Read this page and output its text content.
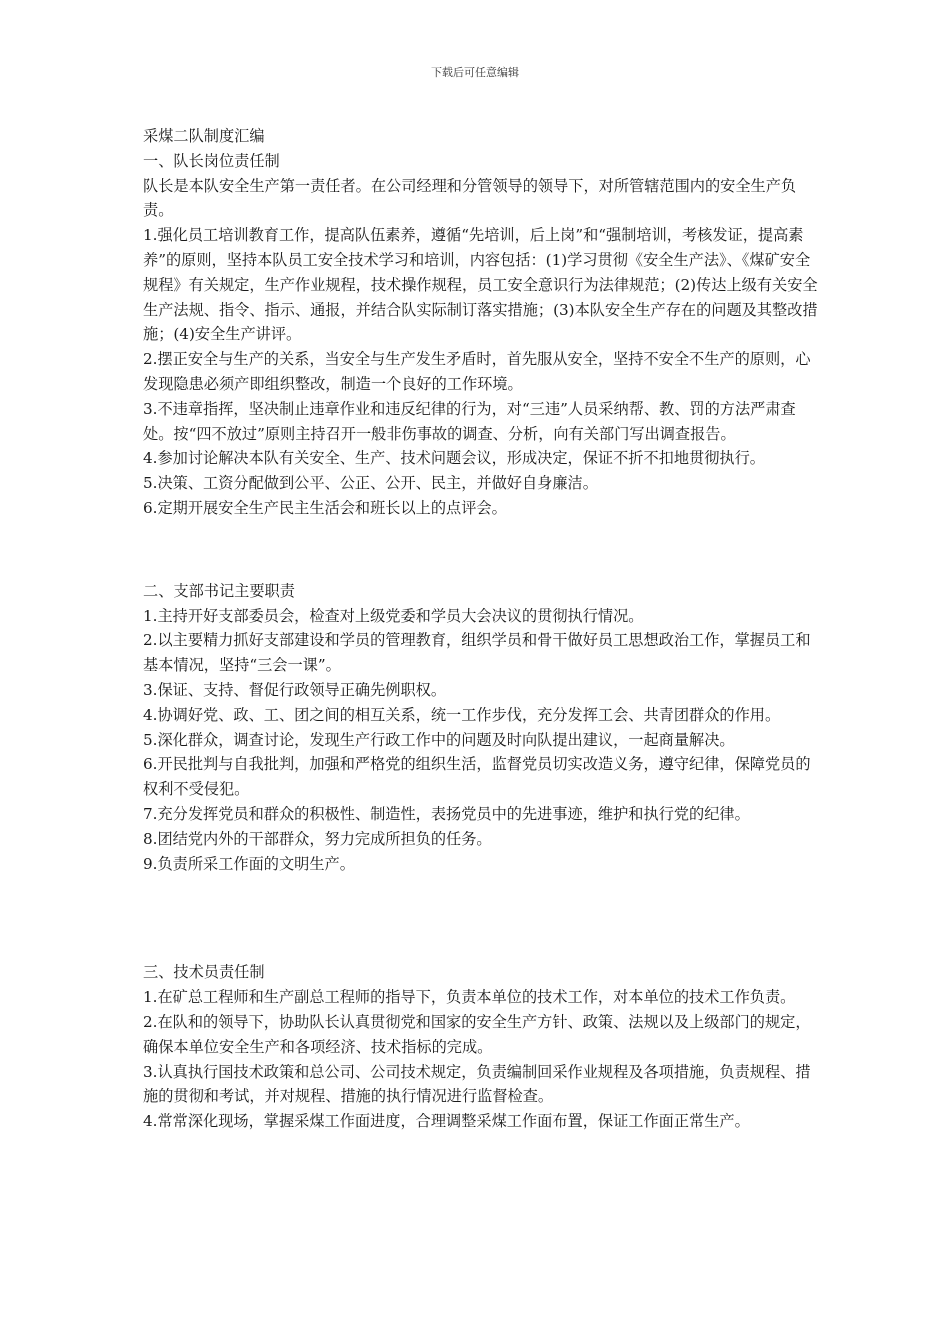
下载后可任意编辑

采煤二队制度汇编

一、队长岗位责任制

队长是本队安全生产第一责任者。在公司经理和分管领导的领导下，对所管辖范围内的安全生产负责。

1.强化员工培训教育工作，提高队伍素养，遵循“先培训，后上岗”和“强制培训，考核发证，提高素养”的原则，坚持本队员工安全技术学习和培训，内容包括：(1)学习贯彻《安全生产法》、《煤矿安全规程》有关规定，生产作业规程，技术操作规程，员工安全意识行为法律规范；(2)传达上级有关安全生产法规、指令、指示、通报，并结合队实际制订落实措施；(3)本队安全生产存在的问题及其整改措施；(4)安全生产讲评。

2.摆正安全与生产的关系，当安全与生产发生矛盾时，首先服从安全，坚持不安全不生产的原则，心发现隐患必须产即组织整改，制造一个良好的工作环境。

3.不违章指挥，坚决制止违章作业和违反纪律的行为，对“三违”人员采纳帮、教、罚的方法严肃查处。按“四不放过”原则主持召开一般非伤事故的调查、分析，向有关部门写出调查报告。

4.参加讨论解决本队有关安全、生产、技术问题会议，形成决定，保证不折不扣地贯彻执行。

5.决策、工资分配做到公平、公正、公开、民主，并做好自身廉洁。

6.定期开展安全生产民主生活会和班长以上的点评会。

二、支部书记主要职责

1.主持开好支部委员会，检查对上级党委和学员大会决议的贯彻执行情况。

2.以主要精力抓好支部建设和学员的管理教育，组织学员和骨干做好员工思想政治工作，掌握员工和基本情况，坚持“三会一课”。

3.保证、支持、督促行政领导正确先例职权。

4.协调好党、政、工、团之间的相互关系，统一工作步伐，充分发挥工会、共青团群众的作用。

5.深化群众，调查讨论，发现生产行政工作中的问题及时向队提出建议，一起商量解决。

6.开民批判与自我批判，加强和严格党的组织生活，监督党员切实改造义务，遵守纪律，保障党员的权利不受侵犯。

7.充分发挥党员和群众的积极性、制造性，表扬党员中的先进事迹，维护和执行党的纪律。

8.团结党内外的干部群众，努力完成所担负的任务。

9.负责所采工作面的文明生产。

三、技术员责任制

1.在矿总工程师和生产副总工程师的指导下，负责本单位的技术工作，对本单位的技术工作负责。

2.在队和的领导下，协助队长认真贯彻党和国家的安全生产方针、政策、法规以及上级部门的规定，确保本单位安全生产和各项经济、技术指标的完成。

3.认真执行国技术政策和总公司、公司技术规定，负责编制回采作业规程及各项措施，负责规程、措施的贯彻和考试，并对规程、措施的执行情况进行监督检查。

4.常常深化现场，掌握采煤工作面进度，合理调整采煤工作面布置，保证工作面正常生产。
